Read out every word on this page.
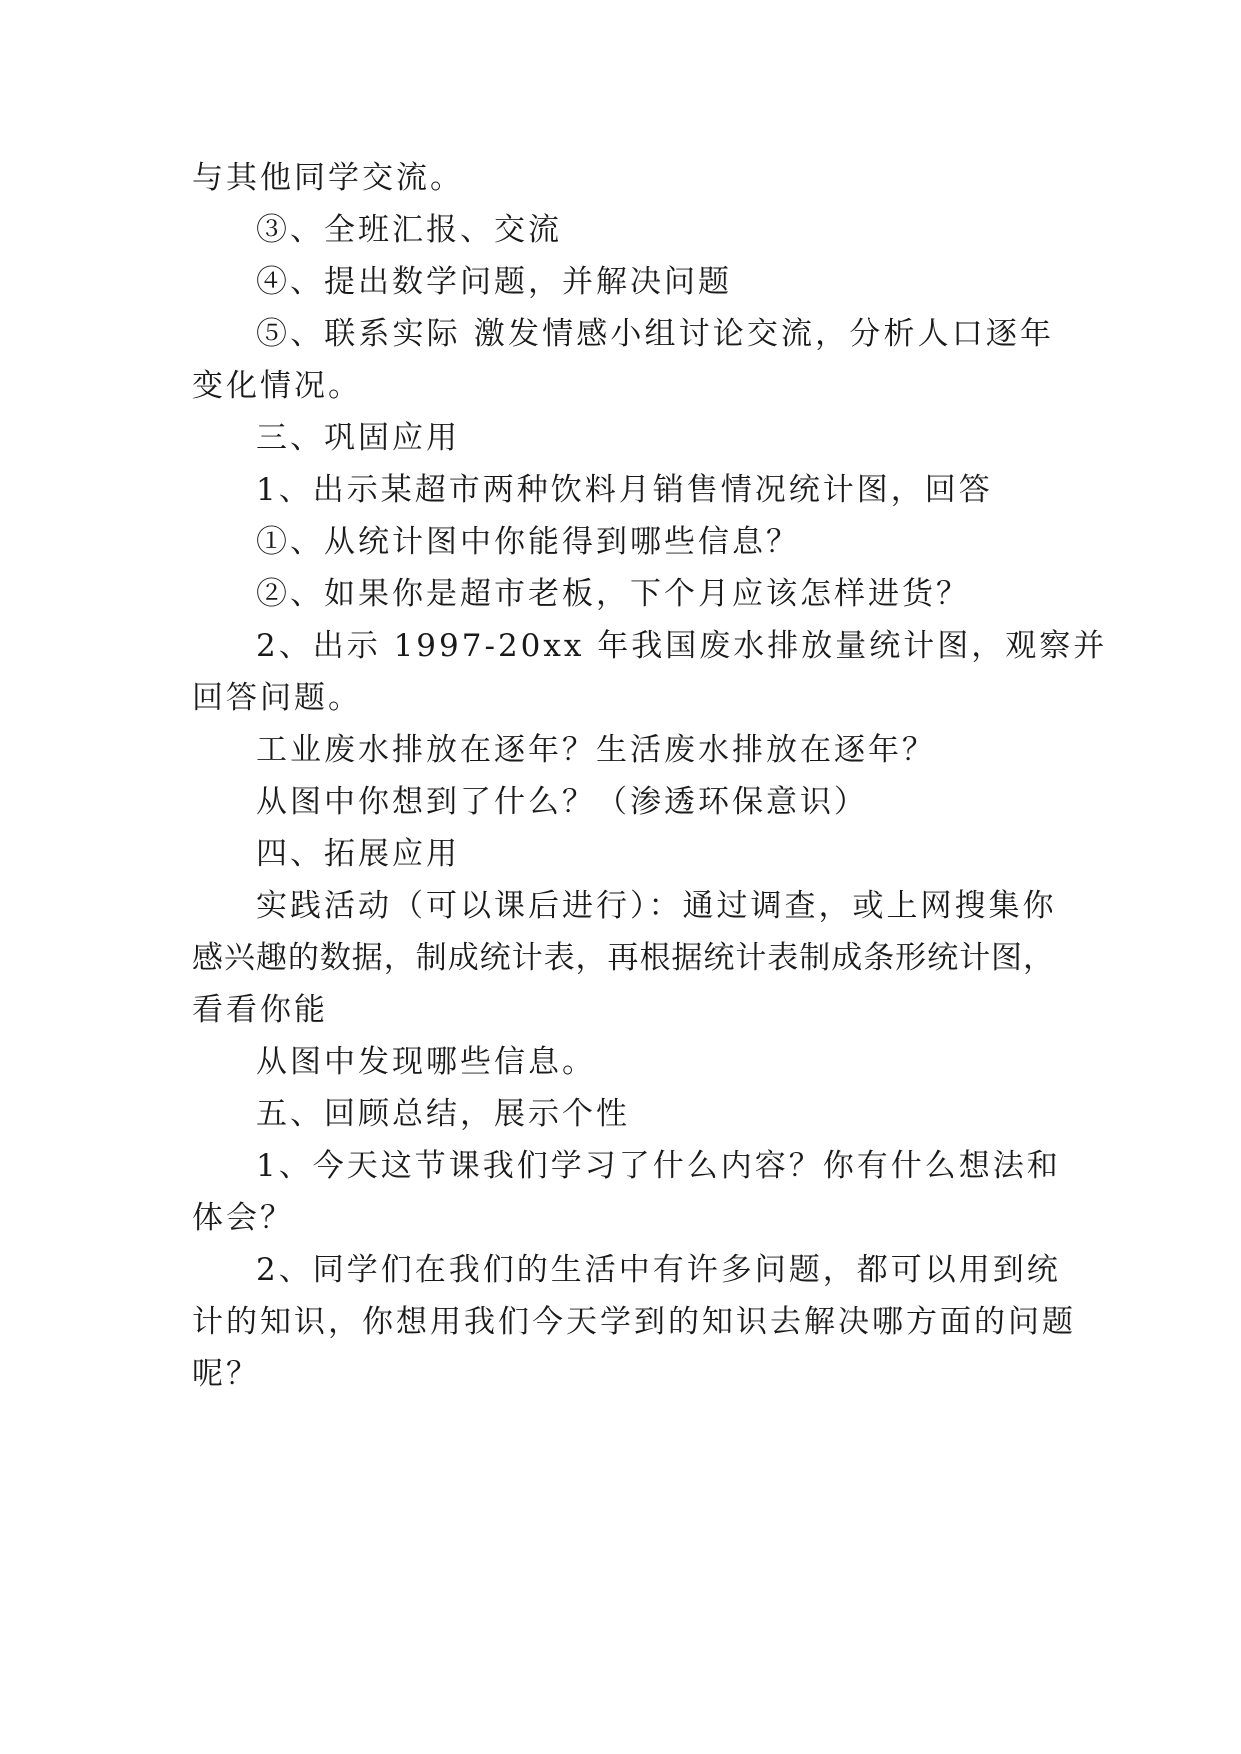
与其他同学交流。
③、全班汇报、交流
④、提出数学问题，并解决问题
⑤、联系实际 激发情感小组讨论交流，分析人口逐年
变化情况。
三、巩固应用
1、出示某超市两种饮料月销售情况统计图，回答
①、从统计图中你能得到哪些信息？
②、如果你是超市老板，下个月应该怎样进货？
2、出示 1997-20xx 年我国废水排放量统计图，观察并
回答问题。
工业废水排放在逐年？生活废水排放在逐年？
从图中你想到了什么？（渗透环保意识）
四、拓展应用
实践活动（可以课后进行）：通过调查，或上网搜集你
感兴趣的数据，制成统计表，再根据统计表制成条形统计图，
看看你能
从图中发现哪些信息。
五、回顾总结，展示个性
1、今天这节课我们学习了什么内容？你有什么想法和
体会？
2、同学们在我们的生活中有许多问题，都可以用到统
计的知识，你想用我们今天学到的知识去解决哪方面的问题
呢？
